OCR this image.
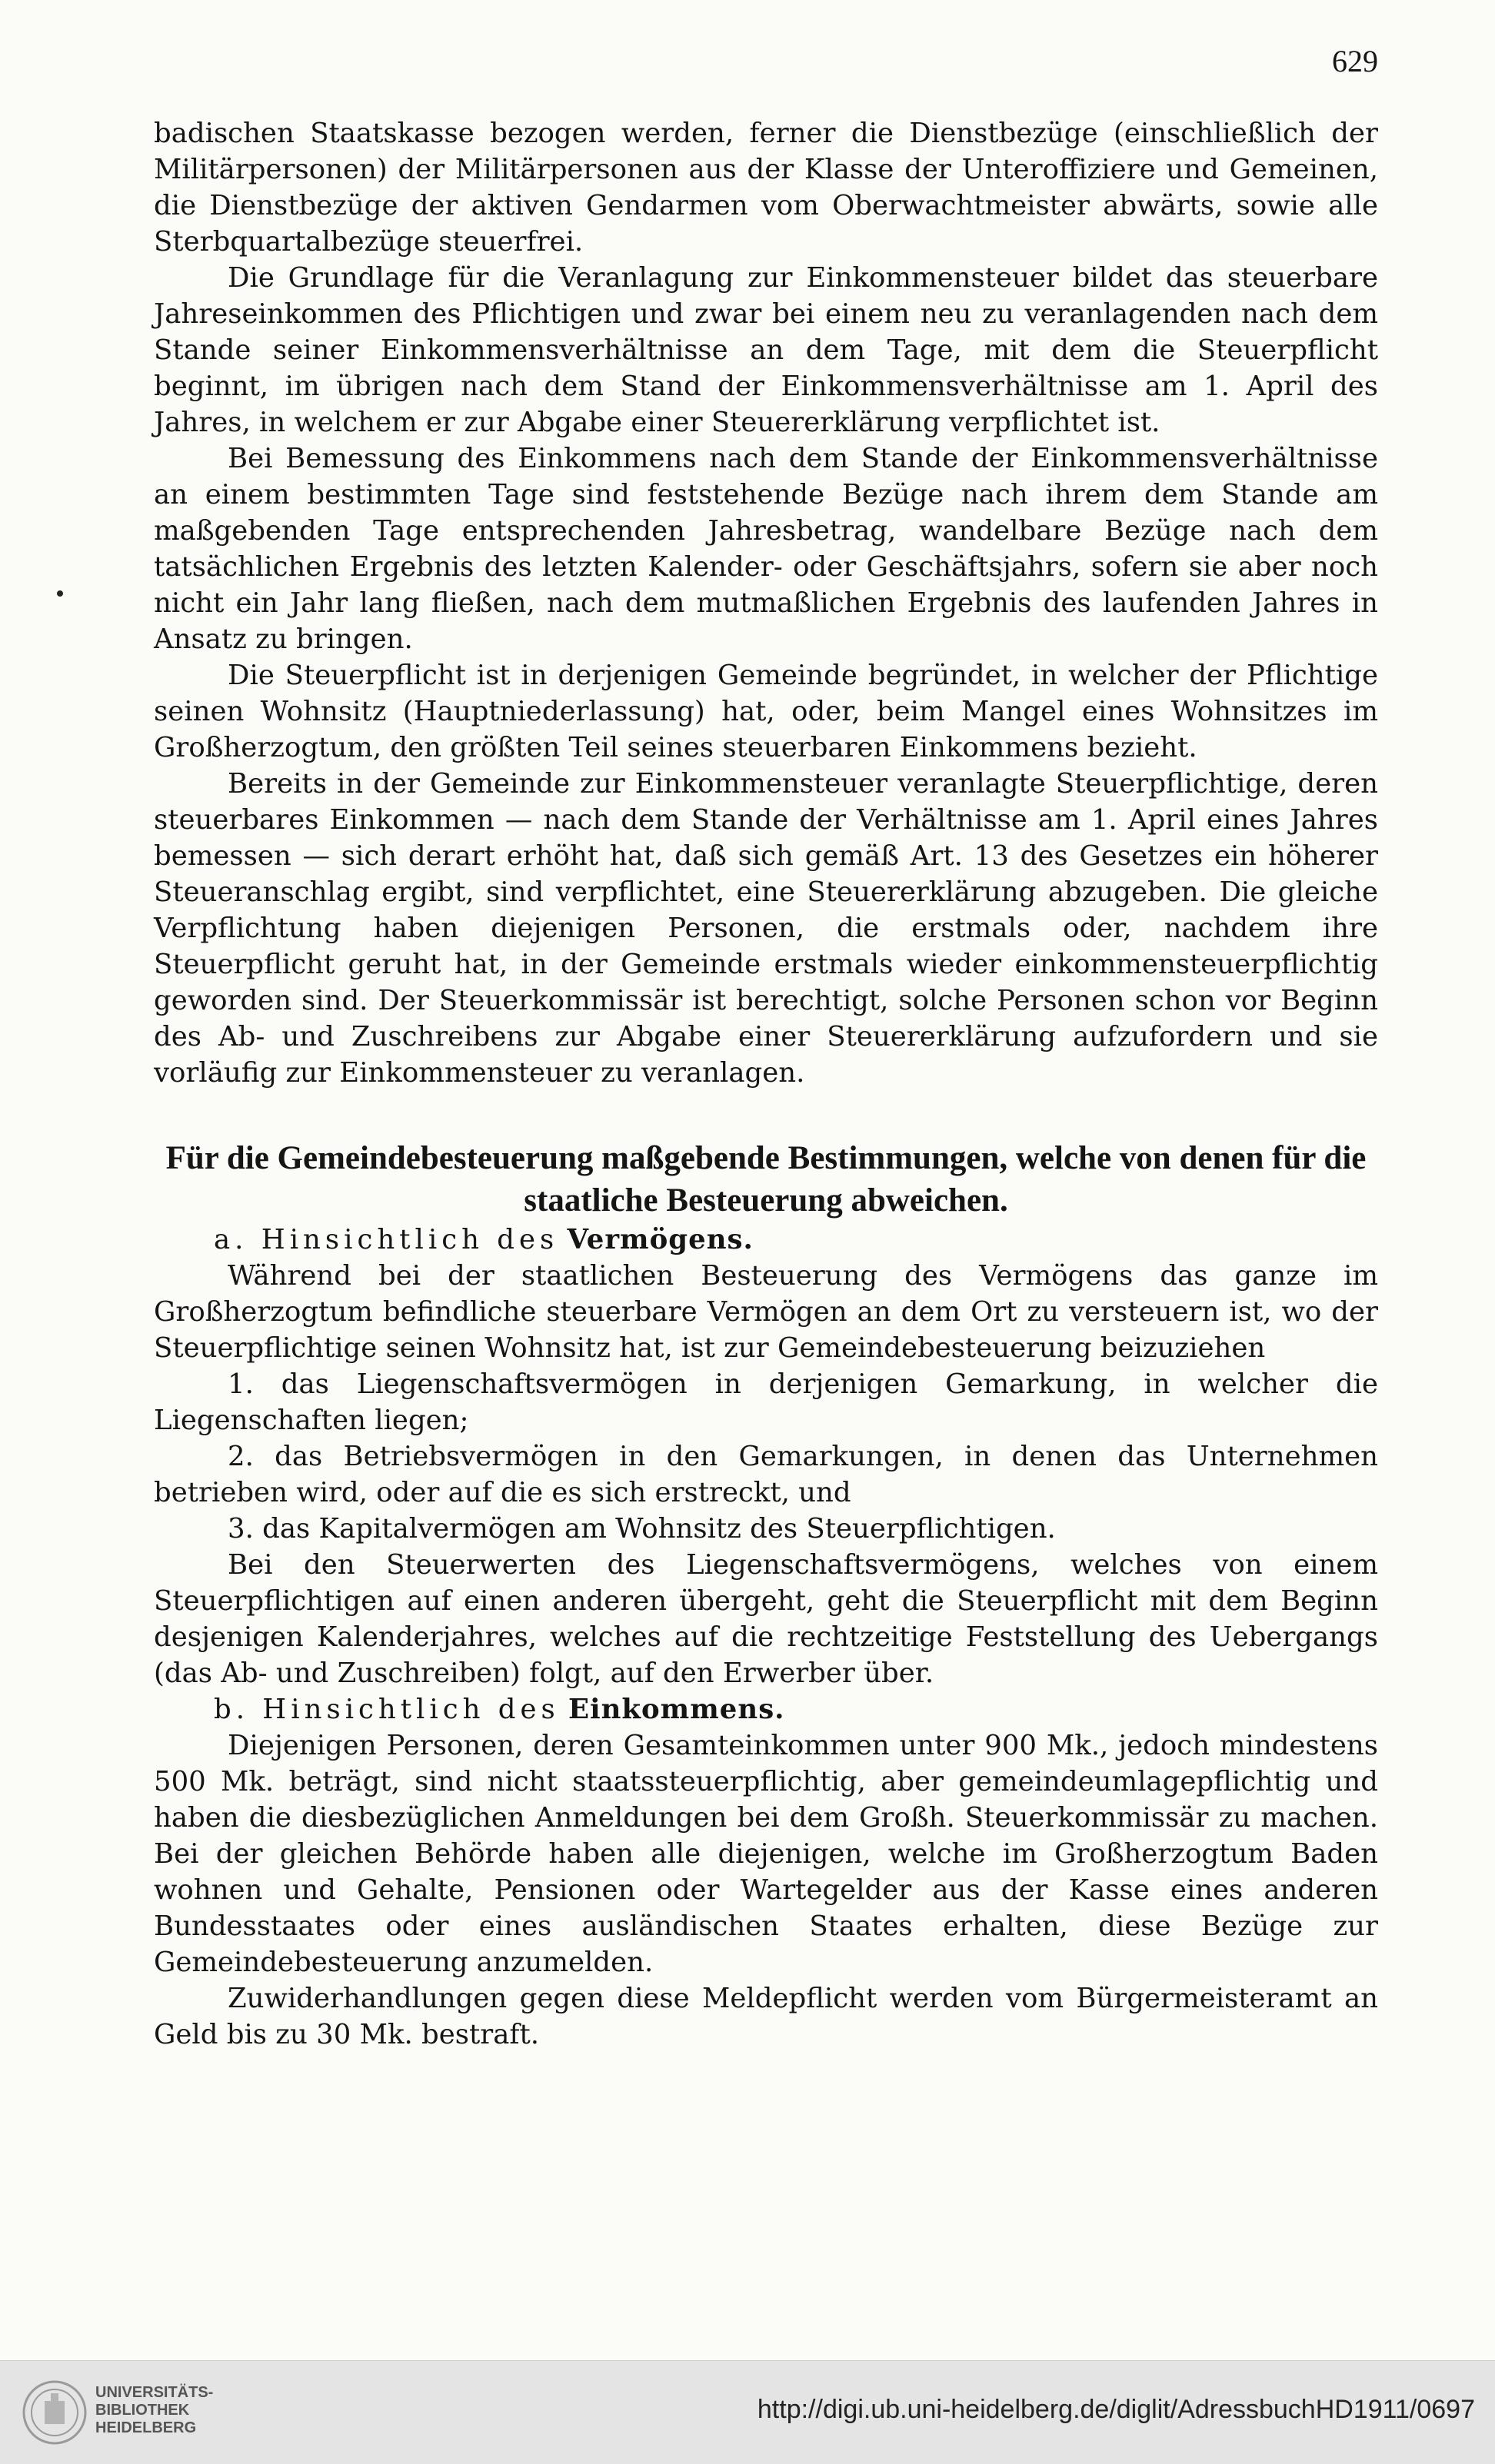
629

badischen Staatskasse bezogen werden, ferner die Dienstbezüge (einschließlich der Militärpersonen) der Militärpersonen aus der Klasse der Unteroffiziere und Gemeinen, die Dienstbezüge der aktiven Gendarmen vom Oberwachtmeister abwärts, sowie alle Sterbquartalbezüge steuerfrei.

Die Grundlage für die Veranlagung zur Einkommensteuer bildet das steuerbare Jahreseinkommen des Pflichtigen und zwar bei einem neu zu veranlagenden nach dem Stande seiner Einkommensverhältnisse an dem Tage, mit dem die Steuerpflicht beginnt, im übrigen nach dem Stand der Einkommensverhältnisse am 1. April des Jahres, in welchem er zur Abgabe einer Steuererklärung verpflichtet ist.

Bei Bemessung des Einkommens nach dem Stande der Einkommensverhältnisse an einem bestimmten Tage sind feststehende Bezüge nach ihrem dem Stande am maßgebenden Tage entsprechenden Jahresbetrag, wandelbare Bezüge nach dem tatsächlichen Ergebnis des letzten Kalender- oder Geschäftsjahrs, sofern sie aber noch nicht ein Jahr lang fließen, nach dem mutmaßlichen Ergebnis des laufenden Jahres in Ansatz zu bringen.

Die Steuerpflicht ist in derjenigen Gemeinde begründet, in welcher der Pflichtige seinen Wohnsitz (Hauptniederlassung) hat, oder, beim Mangel eines Wohnsitzes im Großherzogtum, den größten Teil seines steuerbaren Einkommens bezieht.

Bereits in der Gemeinde zur Einkommensteuer veranlagte Steuerpflichtige, deren steuerbares Einkommen — nach dem Stande der Verhältnisse am 1. April eines Jahres bemessen — sich derart erhöht hat, daß sich gemäß Art. 13 des Gesetzes ein höherer Steueranschlag ergibt, sind verpflichtet, eine Steuererklärung abzugeben. Die gleiche Verpflichtung haben diejenigen Personen, die erstmals oder, nachdem ihre Steuerpflicht geruht hat, in der Gemeinde erstmals wieder einkommensteuerpflichtig geworden sind. Der Steuerkommissär ist berechtigt, solche Personen schon vor Beginn des Ab- und Zuschreibens zur Abgabe einer Steuererklärung aufzufordern und sie vorläufig zur Einkommensteuer zu veranlagen.

Für die Gemeindebesteuerung maßgebende Bestimmungen, welche von denen für die staatliche Besteuerung abweichen.

a. Hinsichtlich des Vermögens.

Während bei der staatlichen Besteuerung des Vermögens das ganze im Großherzogtum befindliche steuerbare Vermögen an dem Ort zu versteuern ist, wo der Steuerpflichtige seinen Wohnsitz hat, ist zur Gemeindebesteuerung beizuziehen

1. das Liegenschaftsvermögen in derjenigen Gemarkung, in welcher die Liegenschaften liegen;

2. das Betriebsvermögen in den Gemarkungen, in denen das Unternehmen betrieben wird, oder auf die es sich erstreckt, und

3. das Kapitalvermögen am Wohnsitz des Steuerpflichtigen.

Bei den Steuerwerten des Liegenschaftsvermögens, welches von einem Steuerpflichtigen auf einen anderen übergeht, geht die Steuerpflicht mit dem Beginn desjenigen Kalenderjahres, welches auf die rechtzeitige Feststellung des Uebergangs (das Ab- und Zuschreiben) folgt, auf den Erwerber über.

b. Hinsichtlich des Einkommens.

Diejenigen Personen, deren Gesamteinkommen unter 900 Mk., jedoch mindestens 500 Mk. beträgt, sind nicht staatssteuerpflichtig, aber gemeindeumlagepflichtig und haben die diesbezüglichen Anmeldungen bei dem Großh. Steuerkommissär zu machen. Bei der gleichen Behörde haben alle diejenigen, welche im Großherzogtum Baden wohnen und Gehalte, Pensionen oder Wartegelder aus der Kasse eines anderen Bundesstaates oder eines ausländischen Staates erhalten, diese Bezüge zur Gemeindebesteuerung anzumelden.

Zuwiderhandlungen gegen diese Meldepflicht werden vom Bürgermeisteramt an Geld bis zu 30 Mk. bestraft.

UNIVERSITÄTS-
BIBLIOTHEK
HEIDELBERG
http://digi.ub.uni-heidelberg.de/diglit/AdressbuchHD1911/0697
